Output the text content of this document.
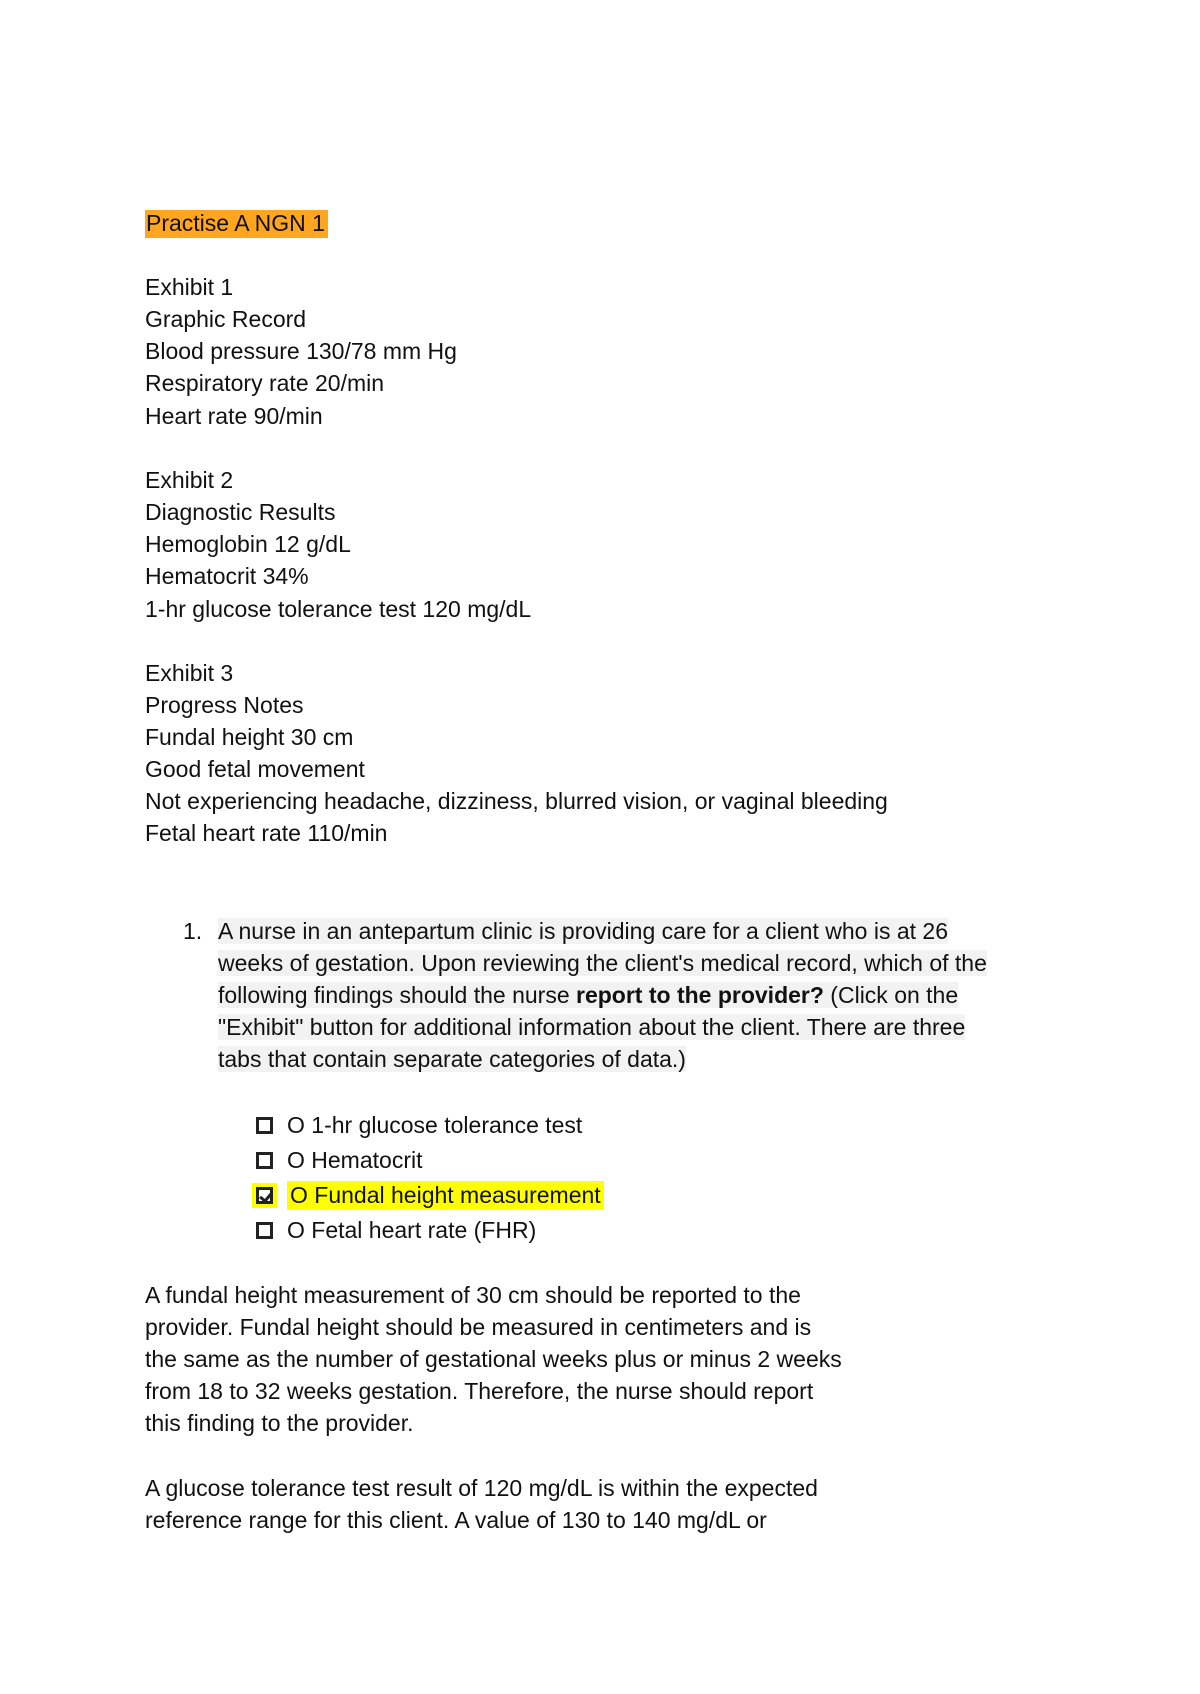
Practise A NGN 1
Exhibit 1
Graphic Record
Blood pressure 130/78 mm Hg
Respiratory rate 20/min
Heart rate 90/min
Exhibit 2
Diagnostic Results
Hemoglobin 12 g/dL
Hematocrit 34%
1-hr glucose tolerance test 120 mg/dL
Exhibit 3
Progress Notes
Fundal height 30 cm
Good fetal movement
Not experiencing headache, dizziness, blurred vision, or vaginal bleeding
Fetal heart rate 110/min
1. A nurse in an antepartum clinic is providing care for a client who is at 26
weeks of gestation. Upon reviewing the client's medical record, which of the
following findings should the nurse report to the provider? (Click on the
"Exhibit" button for additional information about the client. There are three
tabs that contain separate categories of data.)
O 1-hr glucose tolerance test
O Hematocrit
O Fundal height measurement
O Fetal heart rate (FHR)
A fundal height measurement of 30 cm should be reported to the
provider. Fundal height should be measured in centimeters and is
the same as the number of gestational weeks plus or minus 2 weeks
from 18 to 32 weeks gestation. Therefore, the nurse should report
this finding to the provider.
A glucose tolerance test result of 120 mg/dL is within the expected
reference range for this client. A value of 130 to 140 mg/dL or
